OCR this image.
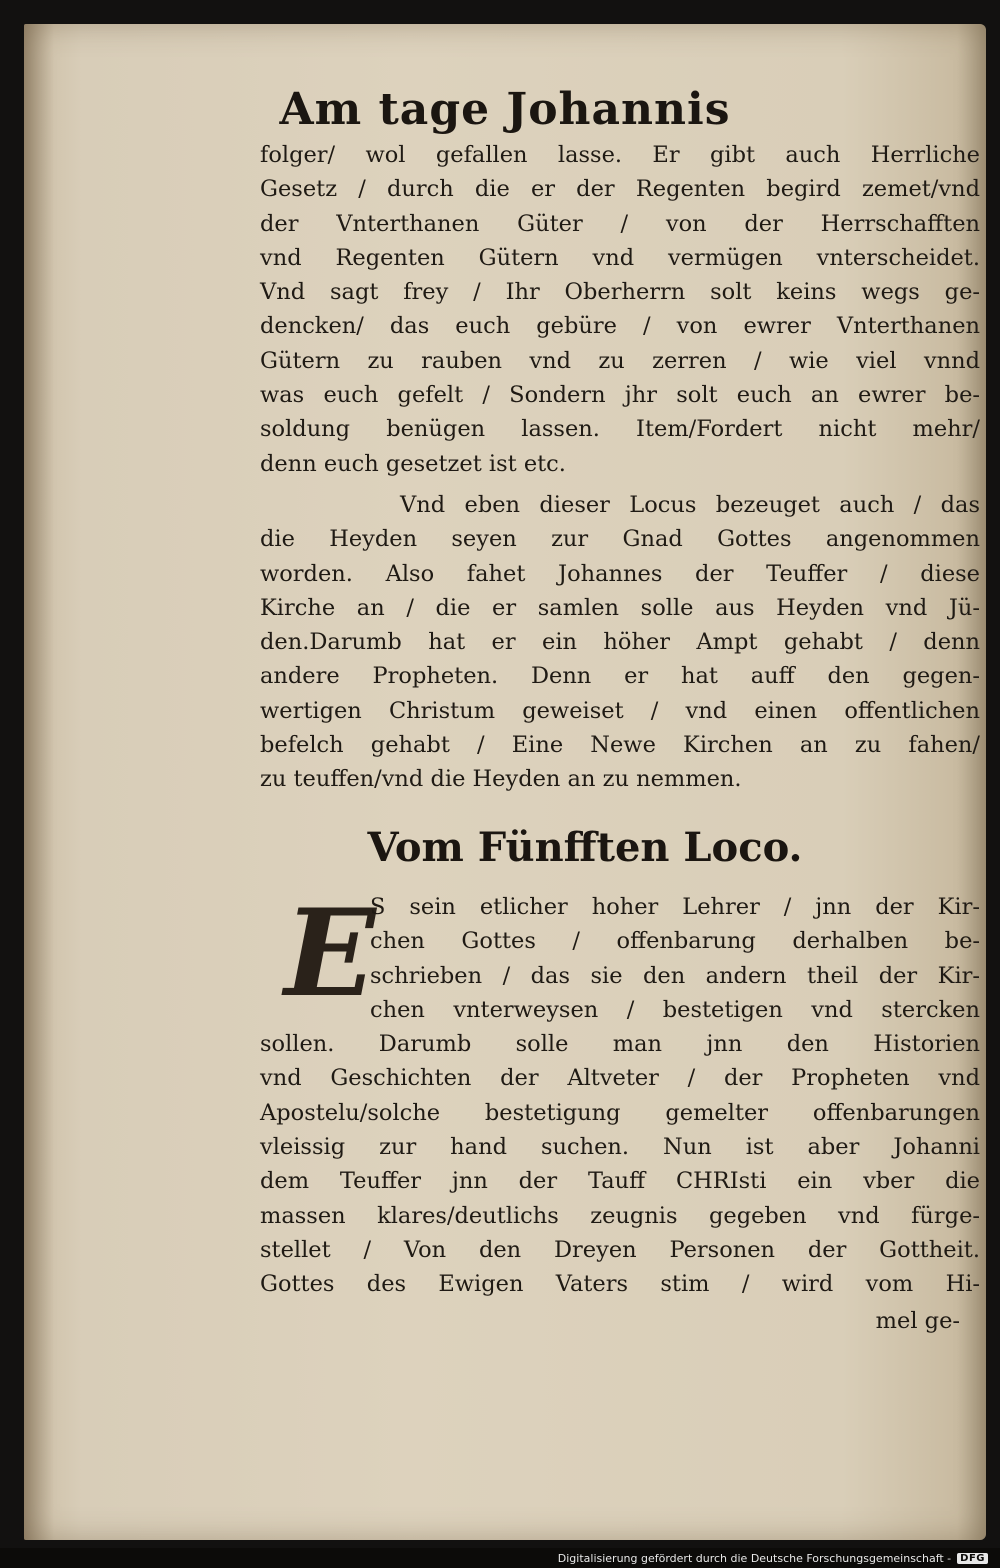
Am tage Johannis
folger/ wol gefallen lasse. Er gibt auch Herrliche
Gesetz / durch die er der Regenten begird zemet/vnd
der Vnterthanen Güter / von der Herrschafften
vnd Regenten Gütern vnd vermügen vnterscheidet.
Vnd sagt frey / Ihr Oberherrn solt keins wegs ge-
dencken/ das euch gebüre / von ewrer Vnterthanen
Gütern zu rauben vnd zu zerren / wie viel vnnd
was euch gefelt / Sondern jhr solt euch an ewrer be-
soldung benügen lassen. Item/Fordert nicht mehr/
denn euch gesetzet ist etc.
Vnd eben dieser Locus bezeuget auch / das
die Heyden seyen zur Gnad Gottes angenommen
worden. Also fahet Johannes der Teuffer / diese
Kirche an / die er samlen solle aus Heyden vnd Jü-
den.Darumb hat er ein höher Ampt gehabt / denn
andere Propheten. Denn er hat auff den gegen-
wertigen Christum geweiset / vnd einen offentlichen
befelch gehabt / Eine Newe Kirchen an zu fahen/
zu teuffen/vnd die Heyden an zu nemmen.
Vom Fünfften Loco.
E
S sein etlicher hoher Lehrer / jnn der Kir-
chen Gottes / offenbarung derhalben be-
schrieben / das sie den andern theil der Kir-
chen vnterweysen / bestetigen vnd stercken
sollen. Darumb solle man jnn den Historien
vnd Geschichten der Altveter / der Propheten vnd
Apostelu/solche bestetigung gemelter offenbarungen
vleissig zur hand suchen. Nun ist aber Johanni
dem Teuffer jnn der Tauff CHRIsti ein vber die
massen klares/deutlichs zeugnis gegeben vnd fürge-
stellet / Von den Dreyen Personen der Gottheit.
Gottes des Ewigen Vaters stim / wird vom Hi-
mel ge-
Digitalisierung gefördert durch die Deutsche Forschungsgemeinschaft - DFG
